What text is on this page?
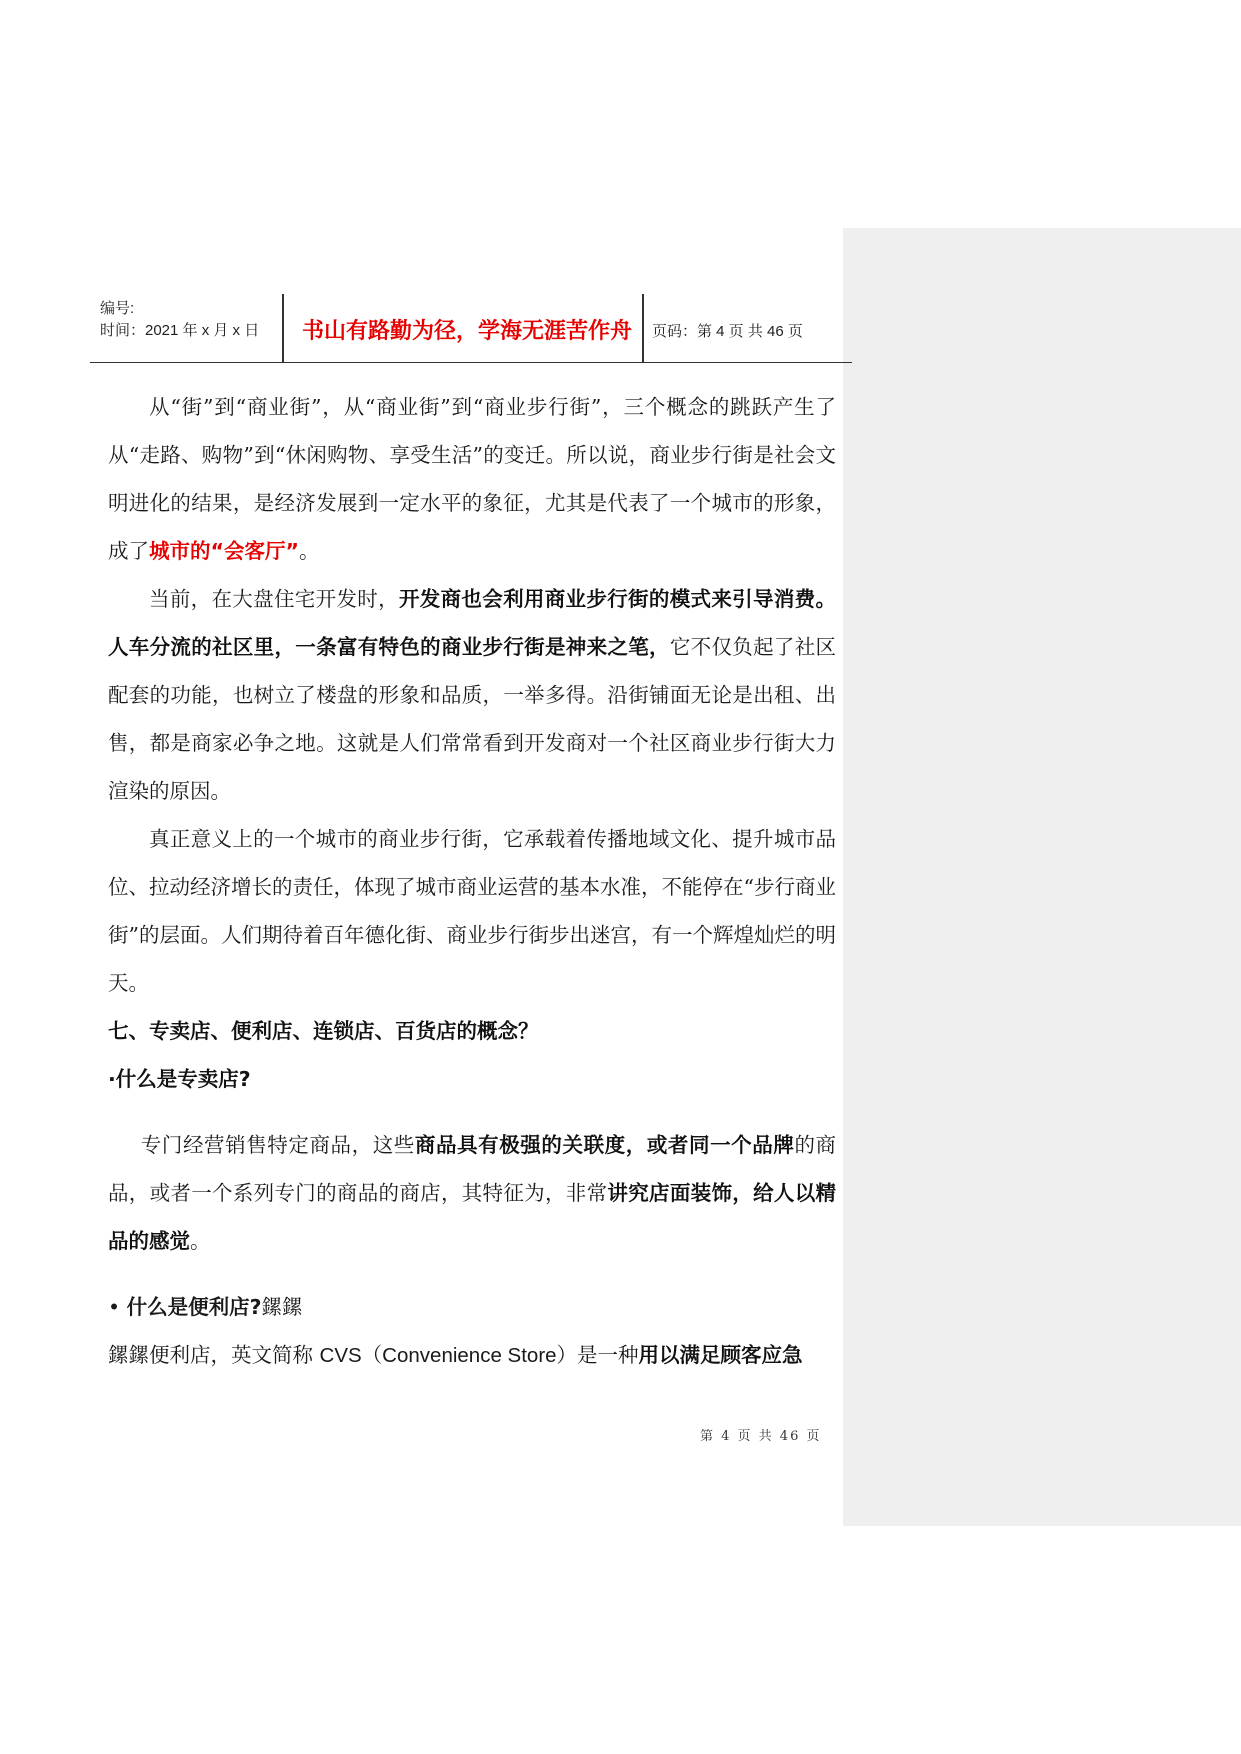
编号:
时间：2021 年 x 月 x 日 书山有路勤为径，学海无涯苦作舟	页码：第 4 页 共 46 页

从“街”到“商业街”，从“商业街”到“商业步行街”，三个概念的跳跃产生了从“走路、购物”到“休闲购物、享受生活”的变迁。所以说，商业步行街是社会文明进化的结果，是经济发展到一定水平的象征，尤其是代表了一个城市的形象，成了城市的“会客厅”。

当前，在大盘住宅开发时，开发商也会利用商业步行街的模式来引导消费。人车分流的社区里，一条富有特色的商业步行街是神来之笔，它不仅负起了社区配套的功能，也树立了楼盘的形象和品质，一举多得。沿街铺面无论是出租、出售，都是商家必争之地。这就是人们常常看到开发商对一个社区商业步行街大力渲染的原因。

真正意义上的一个城市的商业步行街，它承载着传播地域文化、提升城市品位、拉动经济增长的责任，体现了城市商业运营的基本水准，不能停在“步行商业街”的层面。人们期待着百年德化街、商业步行街步出迷宫，有一个辉煌灿烂的明天。

七、专卖店、便利店、连锁店、百货店的概念？

·什么是专卖店?

专门经营销售特定商品，这些商品具有极强的关联度，或者同一个品牌的商品，或者一个系列专门的商品的商店，其特征为，非常讲究店面装饰，给人以精品的感觉。

• 什么是便利店?鏍鏍

鏍鏍便利店，英文简称 CVS（Convenience Store）是一种用以满足顾客应急

第 4 页 共 46 页
